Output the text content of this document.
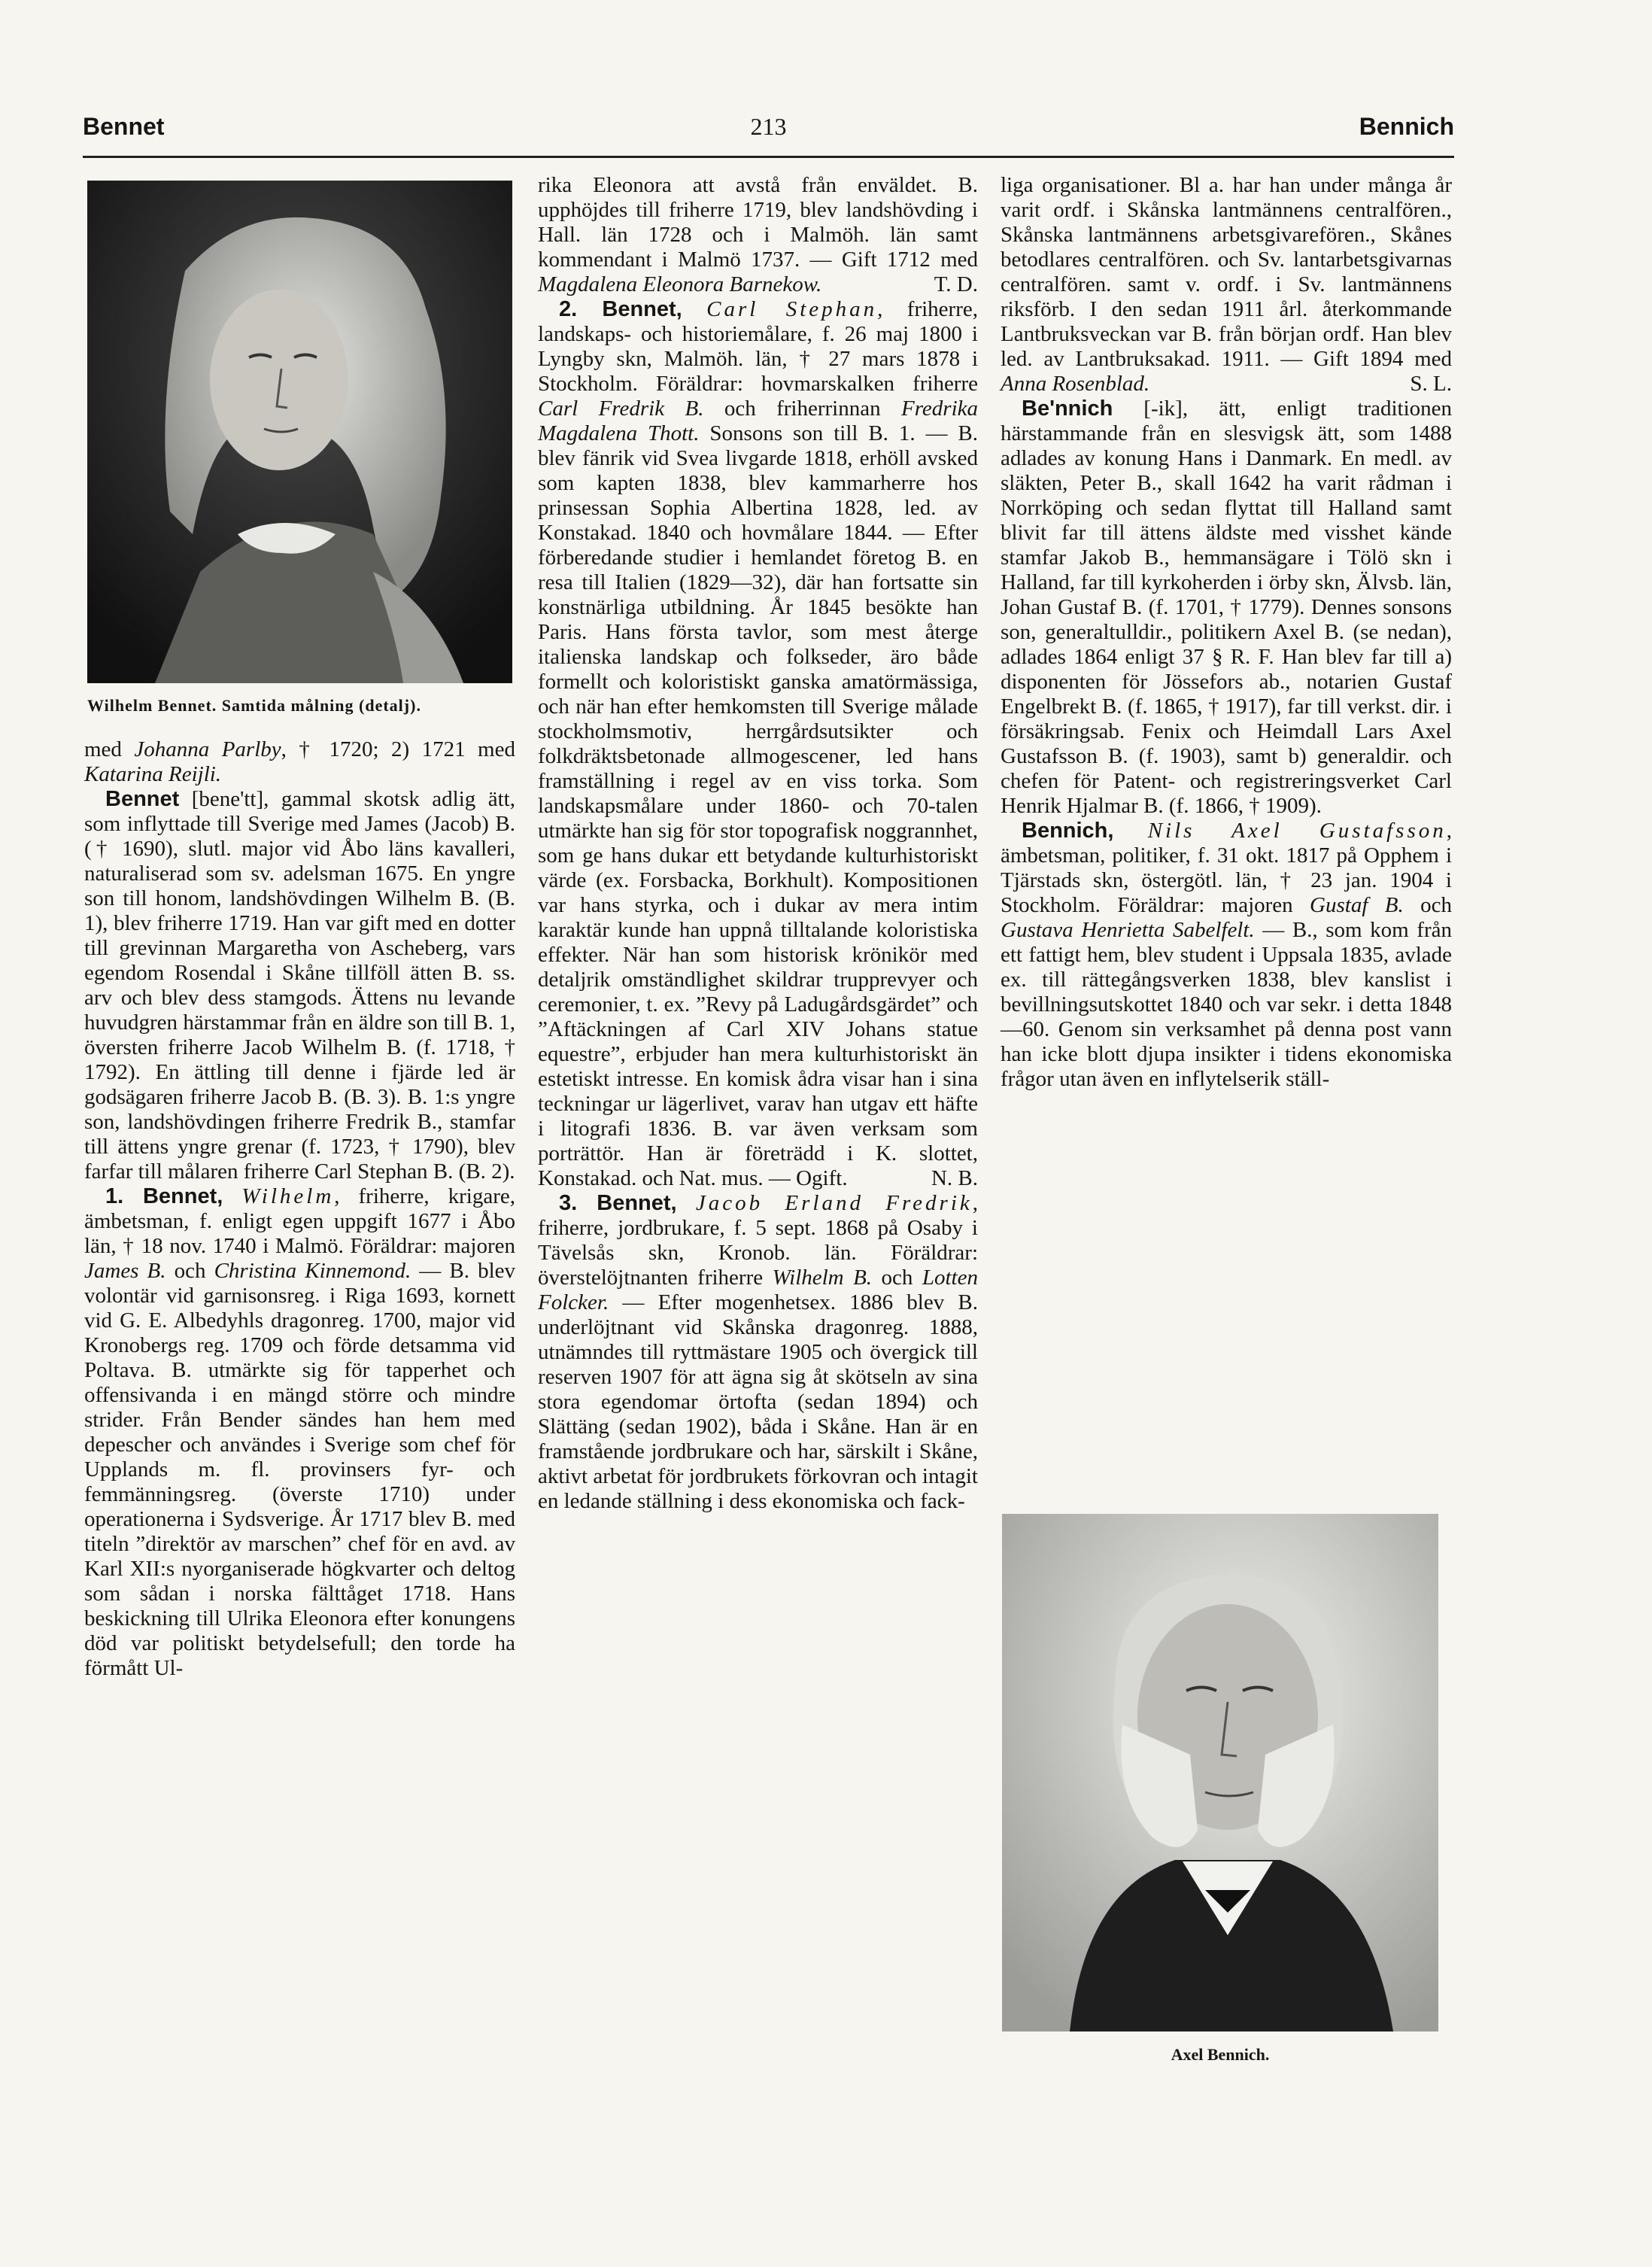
Bennet	213	Bennich
Wilhelm Bennet. Samtida målning (detalj).

med Johanna Parlby, † 1720; 2) 1721 med Katarina Reijli.

Bennet [bene'tt], gammal skotsk adlig ätt, som inflyttade till Sverige med James (Jacob) B. († 1690), slutl. major vid Åbo läns kavalleri, naturaliserad som sv. adelsman 1675. En yngre son till honom, landshövdingen Wilhelm B. (B. 1), blev friherre 1719. Han var gift med en dotter till grevinnan Margaretha von Ascheberg, vars egendom Rosendal i Skåne tillföll ätten B. ss. arv och blev dess stamgods. Ättens nu levande huvudgren härstammar från en äldre son till B. 1, översten friherre Jacob Wilhelm B. (f. 1718, † 1792). En ättling till denne i fjärde led är godsägaren friherre Jacob B. (B. 3). B. 1:s yngre son, landshövdingen friherre Fredrik B., stamfar till ättens yngre grenar (f. 1723, † 1790), blev farfar till målaren friherre Carl Stephan B. (B. 2).

1. Bennet, Wilhelm, friherre, krigare, ämbetsman, f. enligt egen uppgift 1677 i Åbo län, † 18 nov. 1740 i Malmö. Föräldrar: majoren James B. och Christina Kinnemond. — B. blev volontär vid garnisonsreg. i Riga 1693, kornett vid G. E. Albedyhls dragonreg. 1700, major vid Kronobergs reg. 1709 och förde detsamma vid Poltava. B. utmärkte sig för tapperhet och offensivanda i en mängd större och mindre strider. Från Bender sändes han hem med depescher och användes i Sverige som chef för Upplands m. fl. provinsers fyr- och femmänningsreg. (överste 1710) under operationerna i Sydsverige. År 1717 blev B. med titeln ”direktör av marschen” chef för en avd. av Karl XII:s nyorganiserade högkvarter och deltog som sådan i norska fälttåget 1718. Hans beskickning till Ulrika Eleonora efter konungens död var politiskt betydelsefull; den torde ha förmått Ul-

rika Eleonora att avstå från enväldet. B. upphöjdes till friherre 1719, blev landshövding i Hall. län 1728 och i Malmöh. län samt kommendant i Malmö 1737. — Gift 1712 med Magdalena Eleonora Barnekow.	T. D.

2. Bennet, Carl Stephan, friherre, landskaps- och historiemålare, f. 26 maj 1800 i Lyngby skn, Malmöh. län, † 27 mars 1878 i Stockholm. Föräldrar: hovmarskalken friherre Carl Fredrik B. och friherrinnan Fredrika Magdalena Thott. Sonsons son till B. 1. — B. blev fänrik vid Svea livgarde 1818, erhöll avsked som kapten 1838, blev kammarherre hos prinsessan Sophia Albertina 1828, led. av Konstakad. 1840 och hovmålare 1844. — Efter förberedande studier i hemlandet företog B. en resa till Italien (1829—32), där han fortsatte sin konstnärliga utbildning. År 1845 besökte han Paris. Hans första tavlor, som mest återge italienska landskap och folkseder, äro både formellt och koloristiskt ganska amatörmässiga, och när han efter hemkomsten till Sverige målade stockholmsmotiv, herrgårdsutsikter och folkdräktsbetonade allmogescener, led hans framställning i regel av en viss torka. Som landskapsmålare under 1860- och 70-talen utmärkte han sig för stor topografisk noggrannhet, som ge hans dukar ett betydande kulturhistoriskt värde (ex. Forsbacka, Borkhult). Kompositionen var hans styrka, och i dukar av mera intim karaktär kunde han uppnå tilltalande koloristiska effekter. När han som historisk krönikör med detaljrik omständlighet skildrar trupprevyer och ceremonier, t. ex. ”Revy på Ladugårdsgärdet” och ”Aftäckningen af Carl XIV Johans statue equestre”, erbjuder han mera kulturhistoriskt än estetiskt intresse. En komisk ådra visar han i sina teckningar ur lägerlivet, varav han utgav ett häfte i litografi 1836. B. var även verksam som porträttör. Han är företrädd i K. slottet, Konstakad. och Nat. mus. — Ogift.	N. B.

3. Bennet, Jacob Erland Fredrik, friherre, jordbrukare, f. 5 sept. 1868 på Osaby i Tävelsås skn, Kronob. län. Föräldrar: överstelöjtnanten friherre Wilhelm B. och Lotten Folcker. — Efter mogenhetsex. 1886 blev B. underlöjtnant vid Skånska dragonreg. 1888, utnämndes till ryttmästare 1905 och övergick till reserven 1907 för att ägna sig åt skötseln av sina stora egendomar örtofta (sedan 1894) och Slättäng (sedan 1902), båda i Skåne. Han är en framstående jordbrukare och har, särskilt i Skåne, aktivt arbetat för jordbrukets förkovran och intagit en ledande ställning i dess ekonomiska och fack-

liga organisationer. Bl a. har han under många år varit ordf. i Skånska lantmännens centralfören., Skånska lantmännens arbetsgivarefören., Skånes betodlares centralfören. och Sv. lantarbetsgivarnas centralfören. samt v. ordf. i Sv. lantmännens riksförb. I den sedan 1911 årl. återkommande Lantbruksveckan var B. från början ordf. Han blev led. av Lantbruksakad. 1911. — Gift 1894 med Anna Rosenblad.	S. L.

Be'nnich [-ik], ätt, enligt traditionen härstammande från en slesvigsk ätt, som 1488 adlades av konung Hans i Danmark. En medl. av släkten, Peter B., skall 1642 ha varit rådman i Norrköping och sedan flyttat till Halland samt blivit far till ättens äldste med visshet kände stamfar Jakob B., hemmansägare i Tölö skn i Halland, far till kyrkoherden i örby skn, Älvsb. län, Johan Gustaf B. (f. 1701, † 1779). Dennes sonsons son, generaltulldir., politikern Axel B. (se nedan), adlades 1864 enligt 37 § R. F. Han blev far till a) disponenten för Jössefors ab., notarien Gustaf Engelbrekt B. (f. 1865, † 1917), far till verkst. dir. i försäkringsab. Fenix och Heimdall Lars Axel Gustafsson B. (f. 1903), samt b) generaldir. och chefen för Patent- och registreringsverket Carl Henrik Hjalmar B. (f. 1866, † 1909).

Bennich, Nils Axel Gustafsson, ämbetsman, politiker, f. 31 okt. 1817 på Opphem i Tjärstads skn, östergötl. län, † 23 jan. 1904 i Stockholm. Föräldrar: majoren Gustaf B. och Gustava Henrietta Sabelfelt. — B., som kom från ett fattigt hem, blev student i Uppsala 1835, avlade ex. till rättegångsverken 1838, blev kanslist i bevillningsutskottet 1840 och var sekr. i detta 1848—60. Genom sin verksamhet på denna post vann han icke blott djupa insikter i tidens ekonomiska frågor utan även en inflytelserik ställ-

Axel Bennich.
